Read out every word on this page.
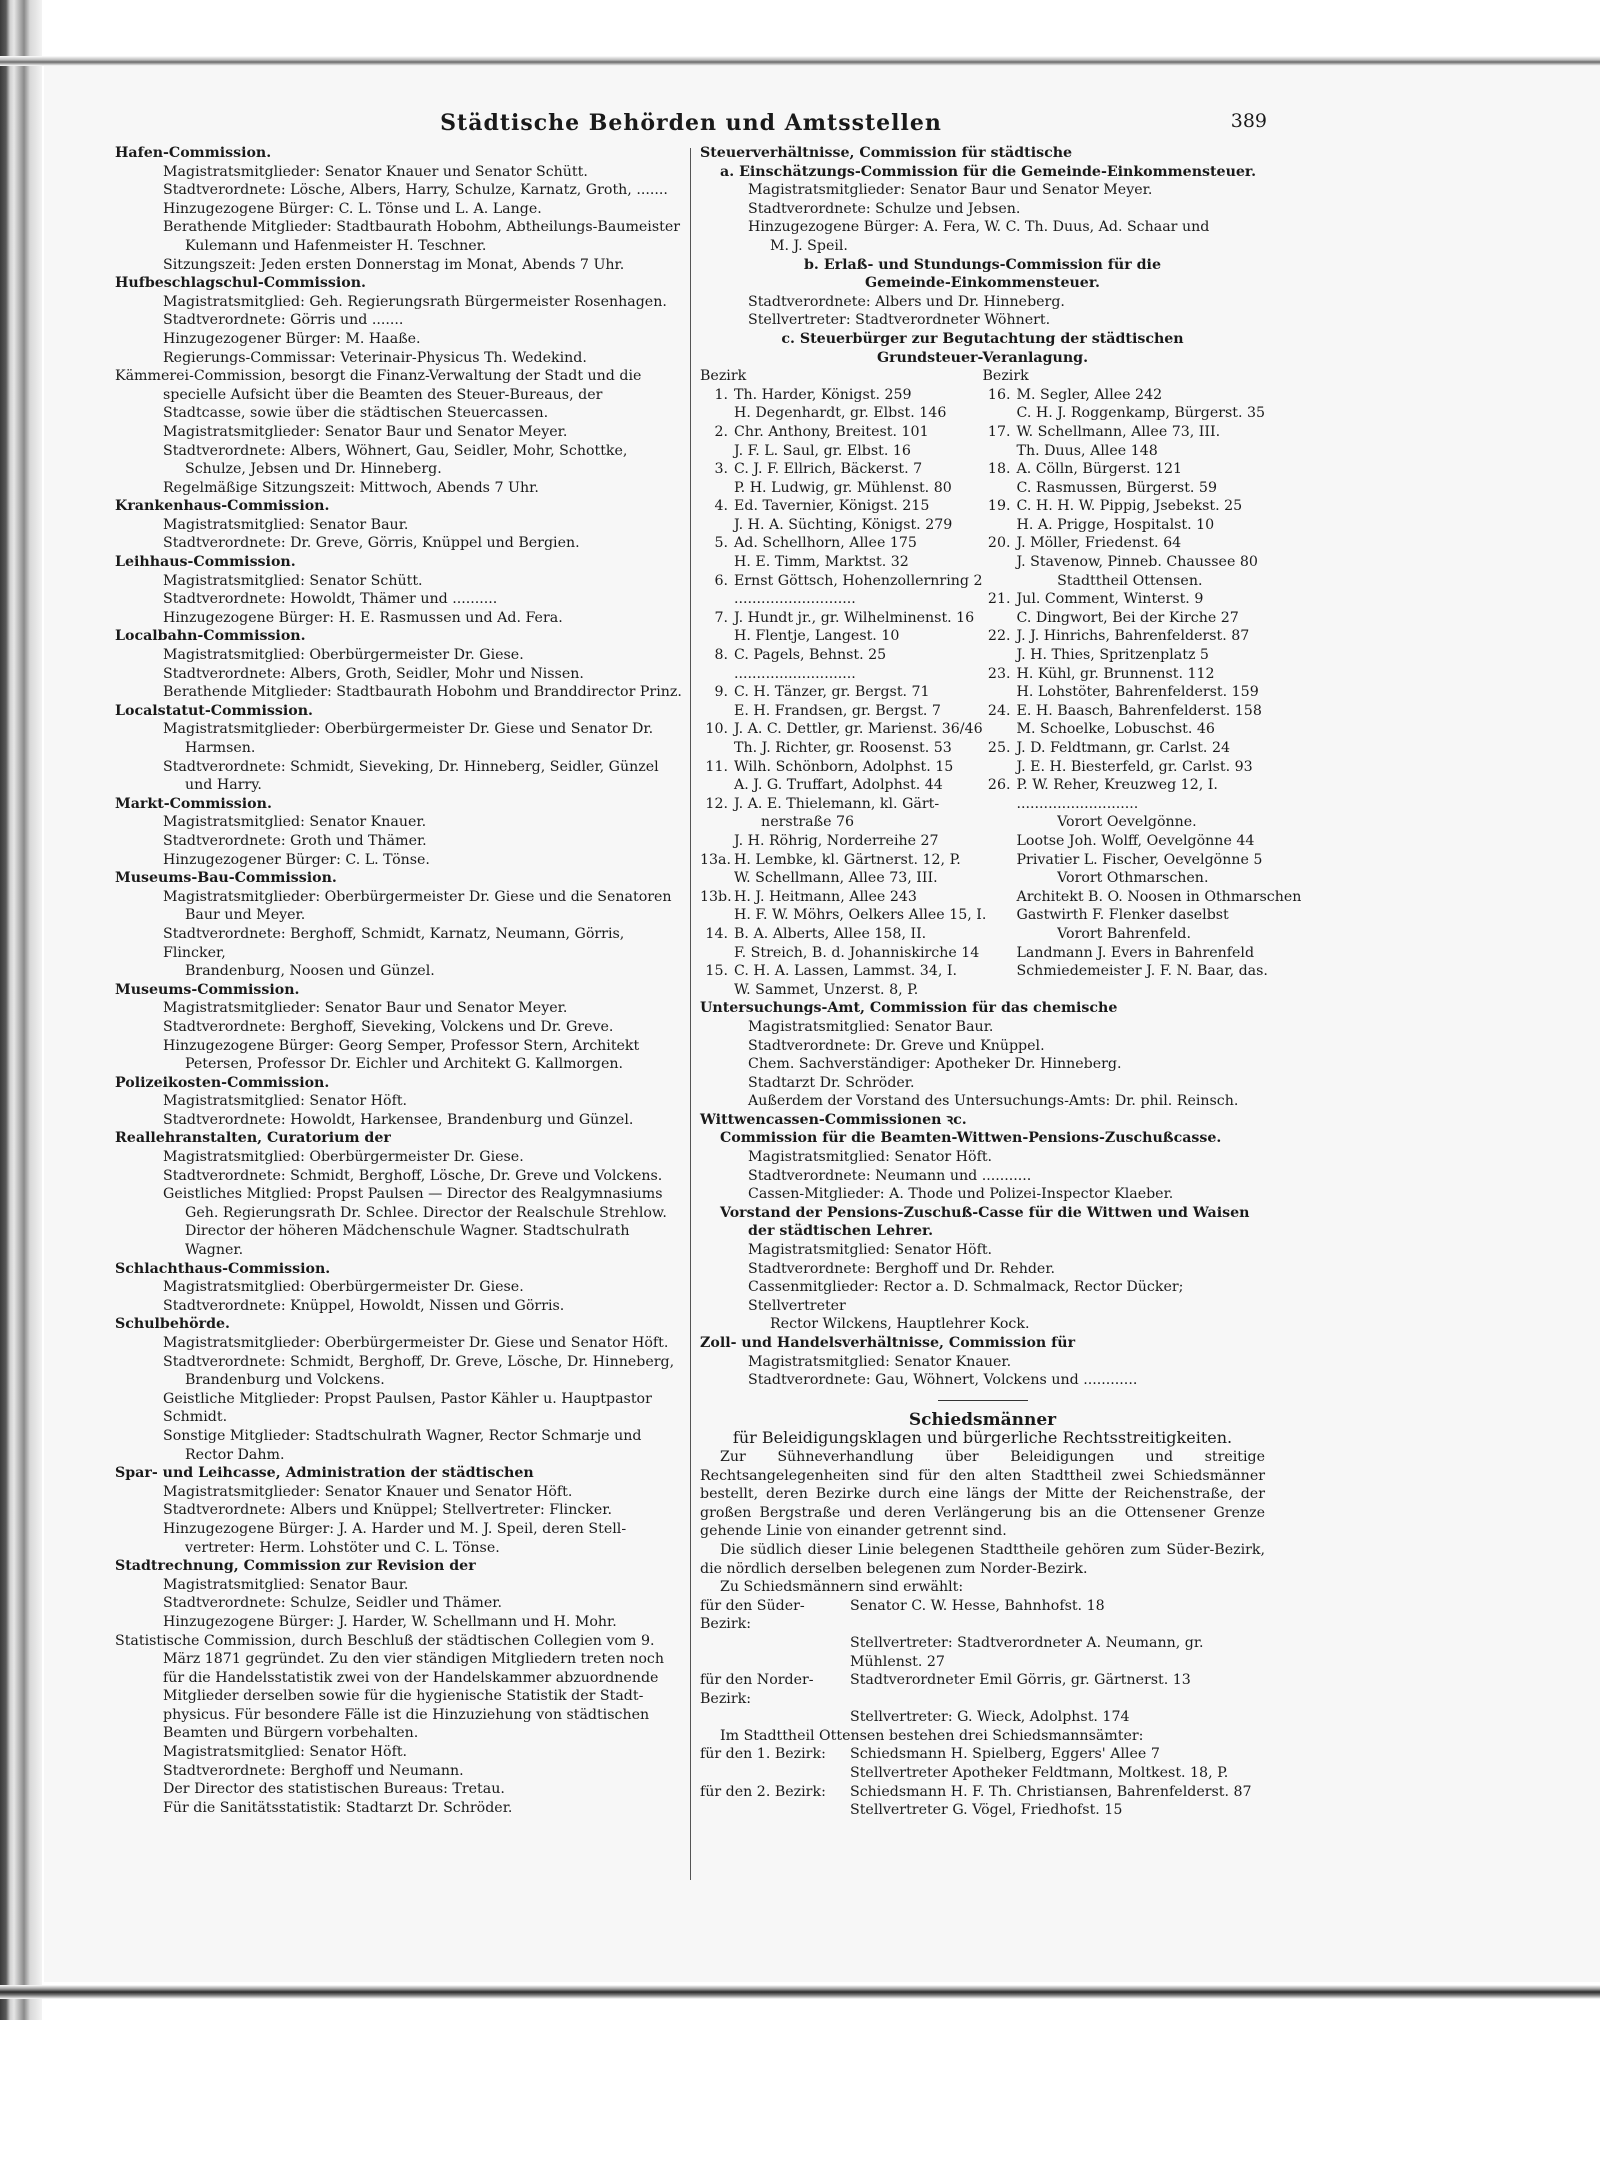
Städtische Behörden und Amtsstellen	389

Hafen-Commission.

Magistratsmitglieder: Senator Knauer und Senator Schütt.

Stadtverordnete: Löschе, Albers, Harry, Schulze, Karnatz, Groth, .......

Hinzugezogene Bürger: C. L. Tönse und L. A. Lange.

Berathende Mitglieder: Stadtbaurath Hobohm, Abtheilungs-Baumeister

Kulemann und Hafenmeister H. Teschner.

Sitzungszeit: Jeden ersten Donnerstag im Monat, Abends 7 Uhr.

Hufbeschlagschul-Commission.

Magistratsmitglied: Geh. Regierungsrath Bürgermeister Rosenhagen.

Stadtverordnete: Görris und .......

Hinzugezogener Bürger: M. Haaße.

Regierungs-Commissar: Veterinair-Physicus Th. Wedekind.

Kämmerei-Commission, besorgt die Finanz-Verwaltung der Stadt und die specielle Aufsicht über die Beamten des Steuer-Bureaus, der Stadtcasse, sowie über die städtischen Steuercassen.

Magistratsmitglieder: Senator Baur und Senator Meyer.

Stadtverordnete: Albers, Wöhnert, Gau, Seidler, Mohr, Schottke,

Schulze, Jebsen und Dr. Hinneberg.

Regelmäßige Sitzungszeit: Mittwoch, Abends 7 Uhr.

Krankenhaus-Commission.

Magistratsmitglied: Senator Baur.

Stadtverordnete: Dr. Greve, Görris, Knüppel und Bergien.

Leihhaus-Commission.

Magistratsmitglied: Senator Schütt.

Stadtverordnete: Howoldt, Thämer und ..........

Hinzugezogene Bürger: H. E. Rasmussen und Ad. Fera.

Localbahn-Commission.

Magistratsmitglied: Oberbürgermeister Dr. Giese.

Stadtverordnete: Albers, Groth, Seidler, Mohr und Nissen.

Berathende Mitglieder: Stadtbaurath Hobohm und Branddirector Prinz.

Localstatut-Commission.

Magistratsmitglieder: Oberbürgermeister Dr. Giese und Senator Dr.

Harmsen.

Stadtverordnete: Schmidt, Sieveking, Dr. Hinneberg, Seidler, Günzel

und Harry.

Markt-Commission.

Magistratsmitglied: Senator Knauer.

Stadtverordnete: Groth und Thämer.

Hinzugezogener Bürger: C. L. Tönse.

Museums-Bau-Commission.

Magistratsmitglieder: Oberbürgermeister Dr. Giese und die Senatoren

Baur und Meyer.

Stadtverordnete: Berghoff, Schmidt, Karnatz, Neumann, Görris, Flincker,

Brandenburg, Noosen und Günzel.

Museums-Commission.

Magistratsmitglieder: Senator Baur und Senator Meyer.

Stadtverordnete: Berghoff, Sieveking, Volckens und Dr. Greve.

Hinzugezogene Bürger: Georg Semper, Professor Stern, Architekt

Petersen, Professor Dr. Eichler und Architekt G. Kallmorgen.

Polizeikosten-Commission.

Magistratsmitglied: Senator Höft.

Stadtverordnete: Howoldt, Harkensee, Brandenburg und Günzel.

Reallehranstalten, Curatorium der

Magistratsmitglied: Oberbürgermeister Dr. Giese.

Stadtverordnete: Schmidt, Berghoff, Lösche, Dr. Greve und Volckens.

Geistliches Mitglied: Propst Paulsen — Director des Realgymnasiums

Geh. Regierungsrath Dr. Schlee. Director der Realschule Strehlow.

Director der höheren Mädchenschule Wagner. Stadtschulrath Wagner.

Schlachthaus-Commission.

Magistratsmitglied: Oberbürgermeister Dr. Giese.

Stadtverordnete: Knüppel, Howoldt, Nissen und Görris.

Schulbehörde.

Magistratsmitglieder: Oberbürgermeister Dr. Giese und Senator Höft.

Stadtverordnete: Schmidt, Berghoff, Dr. Greve, Lösche, Dr. Hinneberg,

Brandenburg und Volckens.

Geistliche Mitglieder: Propst Paulsen, Pastor Kähler u. Hauptpastor Schmidt.

Sonstige Mitglieder: Stadtschulrath Wagner, Rector Schmarje und

Rector Dahm.

Spar- und Leihcasse, Administration der städtischen

Magistratsmitglieder: Senator Knauer und Senator Höft.

Stadtverordnete: Albers und Knüppel; Stellvertreter: Flincker.

Hinzugezogene Bürger: J. A. Harder und M. J. Speil, deren Stell-

vertreter: Herm. Lohstöter und C. L. Tönse.

Stadtrechnung, Commission zur Revision der

Magistratsmitglied: Senator Baur.

Stadtverordnete: Schulze, Seidler und Thämer.

Hinzugezogene Bürger: J. Harder, W. Schellmann und H. Mohr.

Statistische Commission, durch Beschluß der städtischen Collegien vom 9. März 1871 gegründet. Zu den vier ständigen Mitgliedern treten noch für die Handelsstatistik zwei von der Handelskammer abzuordnende Mitglieder derselben sowie für die hygienische Statistik der Stadt-physicus. Für besondere Fälle ist die Hinzuziehung von städtischen Beamten und Bürgern vorbehalten.

Magistratsmitglied: Senator Höft.

Stadtverordnete: Berghoff und Neumann.

Der Director des statistischen Bureaus: Tretau.

Für die Sanitätsstatistik: Stadtarzt Dr. Schröder.

Steuerverhältnisse, Commission für städtische

a. Einschätzungs-Commission für die Gemeinde-Einkommensteuer.

Magistratsmitglieder: Senator Baur und Senator Meyer.

Stadtverordnete: Schulze und Jebsen.

Hinzugezogene Bürger: A. Fera, W. C. Th. Duus, Ad. Schaar und

M. J. Speil.

b. Erlaß- und Stundungs-Commission für die

Gemeinde-Einkommensteuer.

Stadtverordnete: Albers und Dr. Hinneberg.

Stellvertreter: Stadtverordneter Wöhnert.

c. Steuerbürger zur Begutachtung der städtischen

Grundsteuer-Veranlagung.

Bezirk

1. Th. Harder, Königst. 259
H. Degenhardt, gr. Elbst. 146
2. Chr. Anthony, Breitest. 101
J. F. L. Saul, gr. Elbst. 16
3. C. J. F. Ellrich, Bäckerst. 7
P. H. Ludwig, gr. Mühlenst. 80
4. Ed. Tavernier, Königst. 215
J. H. A. Süchting, Königst. 279
5. Ad. Schellhorn, Allee 175
H. E. Timm, Marktst. 32
6. Ernst Göttsch, Hohenzollernring 2
...........................
7. J. Hundt jr., gr. Wilhelminenst. 16
H. Flentje, Langest. 10
8. C. Pagels, Behnst. 25
...........................
9. C. H. Tänzer, gr. Bergst. 71
E. H. Frandsen, gr. Bergst. 7
10. J. A. C. Dettler, gr. Marienst. 36/46
Th. J. Richter, gr. Roosenst. 53
11. Wilh. Schönborn, Adolphst. 15
A. J. G. Truffart, Adolphst. 44
12. J. A. E. Thielemann, kl. Gärt-
nerstraße 76
J. H. Röhrig, Norderreihe 27
13a. H. Lembke, kl. Gärtnerst. 12, P.
W. Schellmann, Allee 73, III.
13b. H. J. Heitmann, Allee 243
H. F. W. Möhrs, Oelkers Allee 15, I.
14. B. A. Alberts, Allee 158, II.
F. Streich, B. d. Johanniskirche 14
15. C. H. A. Lassen, Lammst. 34, I.
W. Sammet, Unzerst. 8, P.

Bezirk

16. M. Segler, Allee 242
C. H. J. Roggenkamp, Bürgerst. 35
17. W. Schellmann, Allee 73, III.
Th. Duus, Allee 148
18. A. Cölln, Bürgerst. 121
C. Rasmussen, Bürgerst. 59
19. C. H. H. W. Pippig, Jsebekst. 25
H. A. Prigge, Hospitalst. 10
20. J. Möller, Friedenst. 64
J. Stavenow, Pinneb. Chaussee 80
Stadttheil Ottensen.
21. Jul. Comment, Winterst. 9
C. Dingwort, Bei der Kirche 27
22. J. J. Hinrichs, Bahrenfelderst. 87
J. H. Thies, Spritzenplatz 5
23. H. Kühl, gr. Brunnenst. 112
H. Lohstöter, Bahrenfelderst. 159
24. E. H. Baasch, Bahrenfelderst. 158
M. Schoelke, Lobuschst. 46
25. J. D. Feldtmann, gr. Carlst. 24
J. E. H. Biesterfeld, gr. Carlst. 93
26. P. W. Reher, Kreuzweg 12, I.
...........................
Vorort Oevelgönne.
Lootse Joh. Wolff, Oevelgönne 44
Privatier L. Fischer, Oevelgönne 5
Vorort Othmarschen.
Architekt B. O. Noosen in Othmarschen
Gastwirth F. Flenker daselbst
Vorort Bahrenfeld.
Landmann J. Evers in Bahrenfeld
Schmiedemeister J. F. N. Baar, das.

Untersuchungs-Amt, Commission für das chemische

Magistratsmitglied: Senator Baur.

Stadtverordnete: Dr. Greve und Knüppel.

Chem. Sachverständiger: Apotheker Dr. Hinneberg.

Stadtarzt Dr. Schröder.

Außerdem der Vorstand des Untersuchungs-Amts: Dr. phil. Reinsch.

Wittwencassen-Commissionen ꝛc.

Commission für die Beamten-Wittwen-Pensions-Zuschußcasse.

Magistratsmitglied: Senator Höft.

Stadtverordnete: Neumann und ...........

Cassen-Mitglieder: A. Thode und Polizei-Inspector Klaeber.

Vorstand der Pensions-Zuschuß-Casse für die Wittwen und Waisen

der städtischen Lehrer.

Magistratsmitglied: Senator Höft.

Stadtverordnete: Berghoff und Dr. Rehder.

Cassenmitglieder: Rector a. D. Schmalmack, Rector Dücker; Stellvertreter

Rector Wilckens, Hauptlehrer Kock.

Zoll- und Handelsverhältnisse, Commission für

Magistratsmitglied: Senator Knauer.

Stadtverordnete: Gau, Wöhnert, Volckens und ............

Schiedsmänner

für Beleidigungsklagen und bürgerliche Rechtsstreitigkeiten.

Zur Sühneverhandlung über Beleidigungen und streitige Rechtsangelegenheiten sind für den alten Stadttheil zwei Schiedsmänner bestellt, deren Bezirke durch eine längs der Mitte der Reichenstraße, der großen Bergstraße und deren Verlängerung bis an die Ottensener Grenze gehende Linie von einander getrennt sind.

Die südlich dieser Linie belegenen Stadttheile gehören zum Süder-Bezirk, die nördlich derselben belegenen zum Norder-Bezirk.

Zu Schiedsmännern sind erwählt:

für den Süder-Bezirk:
Senator C. W. Hesse, Bahnhofst. 18
Stellvertreter: Stadtverordneter A. Neumann, gr. Mühlenst. 27
für den Norder-Bezirk:
Stadtverordneter Emil Görris, gr. Gärtnerst. 13
Stellvertreter: G. Wieck, Adolphst. 174

Im Stadttheil Ottensen bestehen drei Schiedsmannsämter:

für den 1. Bezirk:	Schiedsmann H. Spielberg, Eggers' Allee 7
Stellvertreter Apotheker Feldtmann, Moltkest. 18, P.
für den 2. Bezirk:	Schiedsmann H. F. Th. Christiansen, Bahrenfelderst. 87
Stellvertreter G. Vögel, Friedhofst. 15
